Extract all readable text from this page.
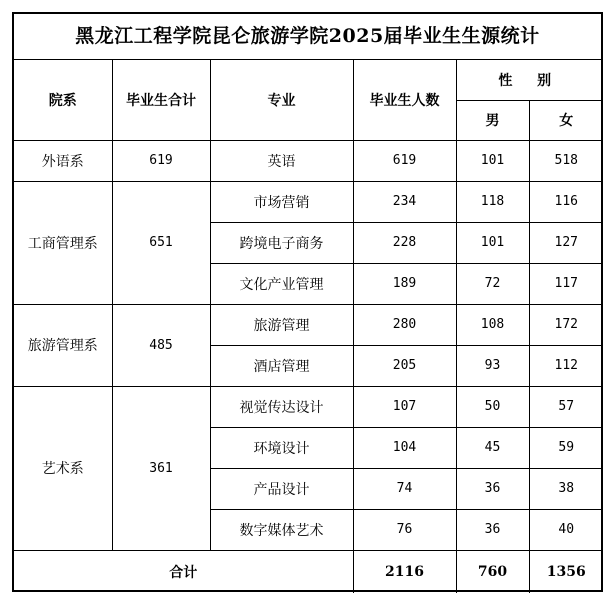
黑龙江工程学院昆仑旅游学院2025届毕业生生源统计
院系	毕业生合计	专业	毕业生人数	性 别	
				男	女
外语系	619	英语	619	101	518
工商管理系	651	市场营销	234	118	116
		跨境电子商务	228	101	127
		文化产业管理	189	72	117
旅游管理系	485	旅游管理	280	108	172
		酒店管理	205	93	112
艺术系	361	视觉传达设计	107	50	57
		环境设计	104	45	59
		产品设计	74	36	38
		数字媒体艺术	76	36	40
合计			2116	760	1356
